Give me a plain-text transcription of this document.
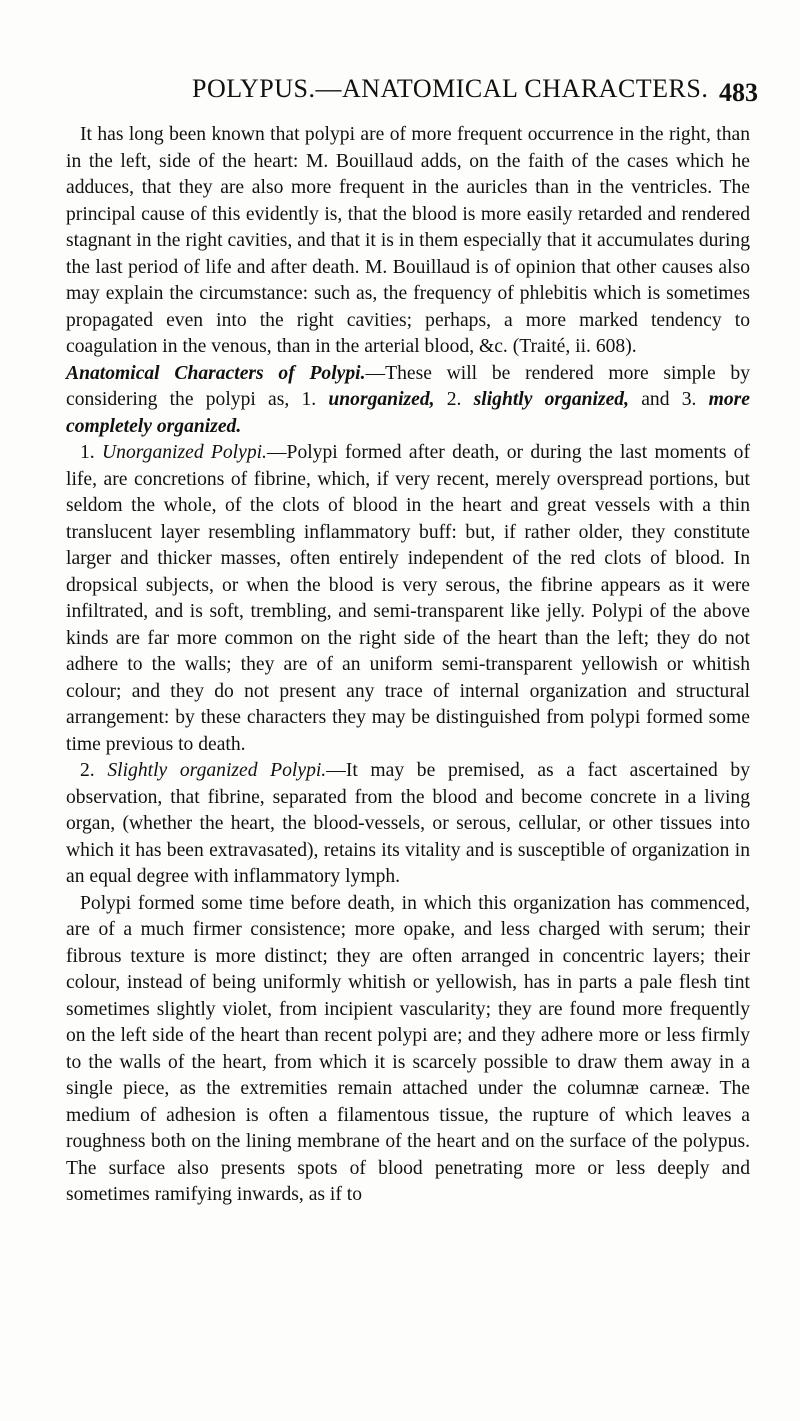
POLYPUS.—ANATOMICAL CHARACTERS. 483

It has long been known that polypi are of more frequent occurrence in the right, than in the left, side of the heart: M. Bouillaud adds, on the faith of the cases which he adduces, that they are also more frequent in the auricles than in the ventricles. The principal cause of this evidently is, that the blood is more easily retarded and rendered stagnant in the right cavities, and that it is in them especially that it accumulates during the last period of life and after death. M. Bouillaud is of opinion that other causes also may explain the circumstance: such as, the frequency of phlebitis which is sometimes propagated even into the right cavities; perhaps, a more marked tendency to coagulation in the venous, than in the arterial blood, &c. (Traité, ii. 608).

Anatomical Characters of Polypi.—These will be rendered more simple by considering the polypi as, 1. unorganized, 2. slightly organized, and 3. more completely organized.

1. Unorganized Polypi.—Polypi formed after death, or during the last moments of life, are concretions of fibrine, which, if very recent, merely overspread portions, but seldom the whole, of the clots of blood in the heart and great vessels with a thin translucent layer resembling inflammatory buff: but, if rather older, they constitute larger and thicker masses, often entirely independent of the red clots of blood. In dropsical subjects, or when the blood is very serous, the fibrine appears as it were infiltrated, and is soft, trembling, and semi-transparent like jelly. Polypi of the above kinds are far more common on the right side of the heart than the left; they do not adhere to the walls; they are of an uniform semi-transparent yellowish or whitish colour; and they do not present any trace of internal organization and structural arrangement: by these characters they may be distinguished from polypi formed some time previous to death.

2. Slightly organized Polypi.—It may be premised, as a fact ascertained by observation, that fibrine, separated from the blood and become concrete in a living organ, (whether the heart, the blood-vessels, or serous, cellular, or other tissues into which it has been extravasated), retains its vitality and is susceptible of organization in an equal degree with inflammatory lymph.

Polypi formed some time before death, in which this organization has commenced, are of a much firmer consistence; more opake, and less charged with serum; their fibrous texture is more distinct; they are often arranged in concentric layers; their colour, instead of being uniformly whitish or yellowish, has in parts a pale flesh tint sometimes slightly violet, from incipient vascularity; they are found more frequently on the left side of the heart than recent polypi are; and they adhere more or less firmly to the walls of the heart, from which it is scarcely possible to draw them away in a single piece, as the extremities remain attached under the columnæ carneæ. The medium of adhesion is often a filamentous tissue, the rupture of which leaves a roughness both on the lining membrane of the heart and on the surface of the polypus. The surface also presents spots of blood penetrating more or less deeply and sometimes ramifying inwards, as if to
